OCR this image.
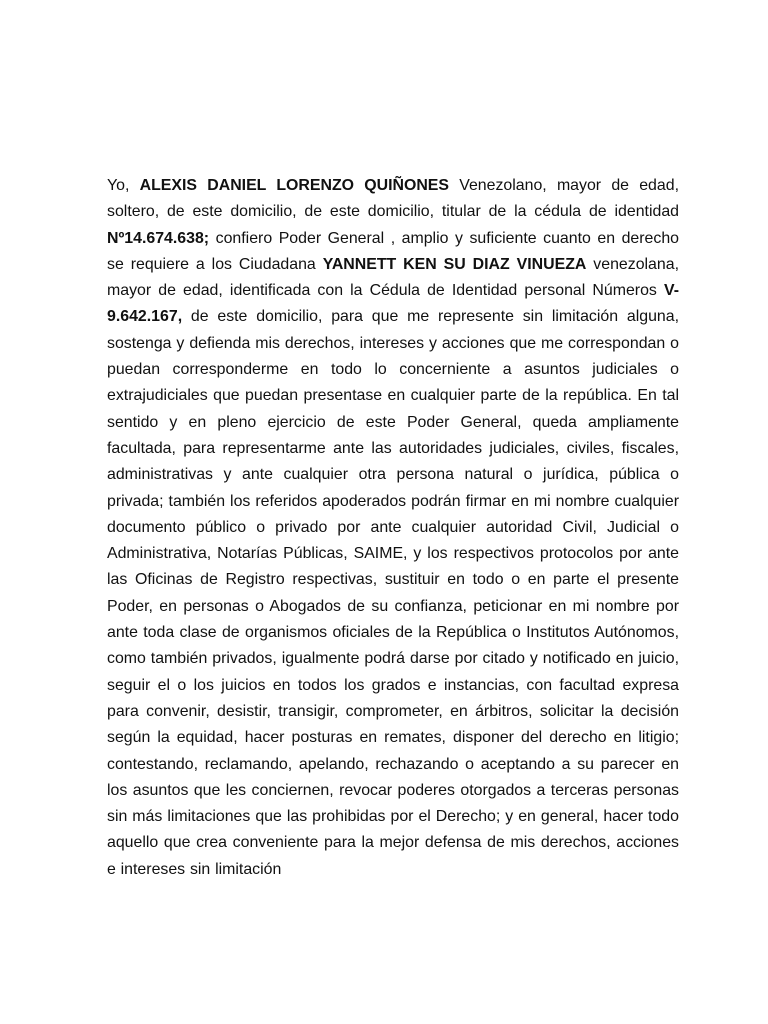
Yo, ALEXIS DANIEL LORENZO QUIÑONES Venezolano, mayor de edad, soltero, de este domicilio, de este domicilio, titular de la cédula de identidad Nº14.674.638; confiero Poder General , amplio y suficiente cuanto en derecho se requiere a los Ciudadana YANNETT KEN SU DIAZ VINUEZA venezolana, mayor de edad, identificada con la Cédula de Identidad personal Números V-9.642.167, de este domicilio, para que me represente sin limitación alguna, sostenga y defienda mis derechos, intereses y acciones que me correspondan o puedan corresponderme en todo lo concerniente a asuntos judiciales o extrajudiciales que puedan presentase en cualquier parte de la república. En tal sentido y en pleno ejercicio de este Poder General, queda ampliamente facultada, para representarme ante las autoridades judiciales, civiles, fiscales, administrativas y ante cualquier otra persona natural o jurídica, pública o privada; también los referidos apoderados podrán firmar en mi nombre cualquier documento público o privado por ante cualquier autoridad Civil, Judicial o Administrativa, Notarías Públicas, SAIME, y los respectivos protocolos por ante las Oficinas de Registro respectivas, sustituir en todo o en parte el presente Poder, en personas o Abogados de su confianza, peticionar en mi nombre por ante toda clase de organismos oficiales de la República o Institutos Autónomos, como también privados, igualmente podrá darse por citado y notificado en juicio, seguir el o los juicios en todos los grados e instancias, con facultad expresa para convenir, desistir, transigir, comprometer, en árbitros, solicitar la decisión según la equidad, hacer posturas en remates, disponer del derecho en litigio; contestando, reclamando, apelando, rechazando o aceptando a su parecer en los asuntos que les conciernen, revocar poderes otorgados a terceras personas sin más limitaciones que las prohibidas por el Derecho; y en general, hacer todo aquello que crea conveniente para la mejor defensa de mis derechos, acciones e intereses sin limitación
